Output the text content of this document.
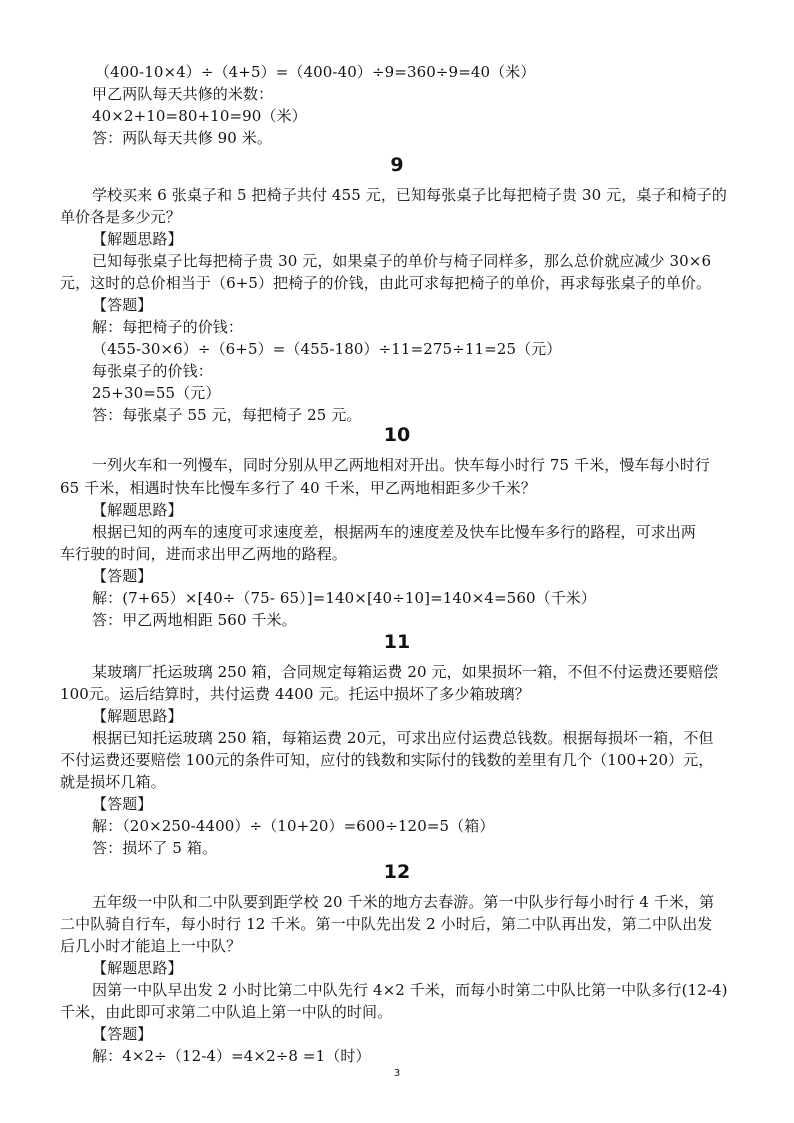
（400-10×4）÷（4+5）=（400-40）÷9=360÷9=40（米）
甲乙两队每天共修的米数：
40×2+10=80+10=90（米）
答：两队每天共修 90 米。
9
学校买来 6 张桌子和 5 把椅子共付 455 元，已知每张桌子比每把椅子贵 30 元，桌子和椅子的
单价各是多少元？
【解题思路】
已知每张桌子比每把椅子贵 30 元，如果桌子的单价与椅子同样多，那么总价就应减少 30×6
元，这时的总价相当于（6+5）把椅子的价钱，由此可求每把椅子的单价，再求每张桌子的单价。
【答题】
解：每把椅子的价钱：
（455-30×6）÷（6+5）=（455-180）÷11=275÷11=25（元）
每张桌子的价钱：
25+30=55（元）
答：每张桌子 55 元，每把椅子 25 元。
10
一列火车和一列慢车，同时分别从甲乙两地相对开出。快车每小时行 75 千米，慢车每小时行
65 千米，相遇时快车比慢车多行了 40 千米，甲乙两地相距多少千米？
【解题思路】
根据已知的两车的速度可求速度差，根据两车的速度差及快车比慢车多行的路程，可求出两
车行驶的时间，进而求出甲乙两地的路程。
【答题】
解：(7+65）×[40÷（75- 65）]=140×[40÷10]=140×4=560（千米）
答：甲乙两地相距 560 千米。
11
某玻璃厂托运玻璃 250 箱，合同规定每箱运费 20 元，如果损坏一箱，不但不付运费还要赔偿
100元。运后结算时，共付运费 4400 元。托运中损坏了多少箱玻璃？
【解题思路】
根据已知托运玻璃 250 箱，每箱运费 20元，可求出应付运费总钱数。根据每损坏一箱，不但
不付运费还要赔偿 100元的条件可知，应付的钱数和实际付的钱数的差里有几个（100+20）元，
就是损坏几箱。
【答题】
解：（20×250-4400）÷（10+20）=600÷120=5（箱）
答：损坏了 5 箱。
12
五年级一中队和二中队要到距学校 20 千米的地方去春游。第一中队步行每小时行 4 千米，第
二中队骑自行车，每小时行 12 千米。第一中队先出发 2 小时后，第二中队再出发，第二中队出发
后几小时才能追上一中队？
【解题思路】
因第一中队早出发 2 小时比第二中队先行 4×2 千米，而每小时第二中队比第一中队多行(12-4)
千米，由此即可求第二中队追上第一中队的时间。
【答题】
解：4×2÷（12-4）=4×2÷8 =1（时）
3
